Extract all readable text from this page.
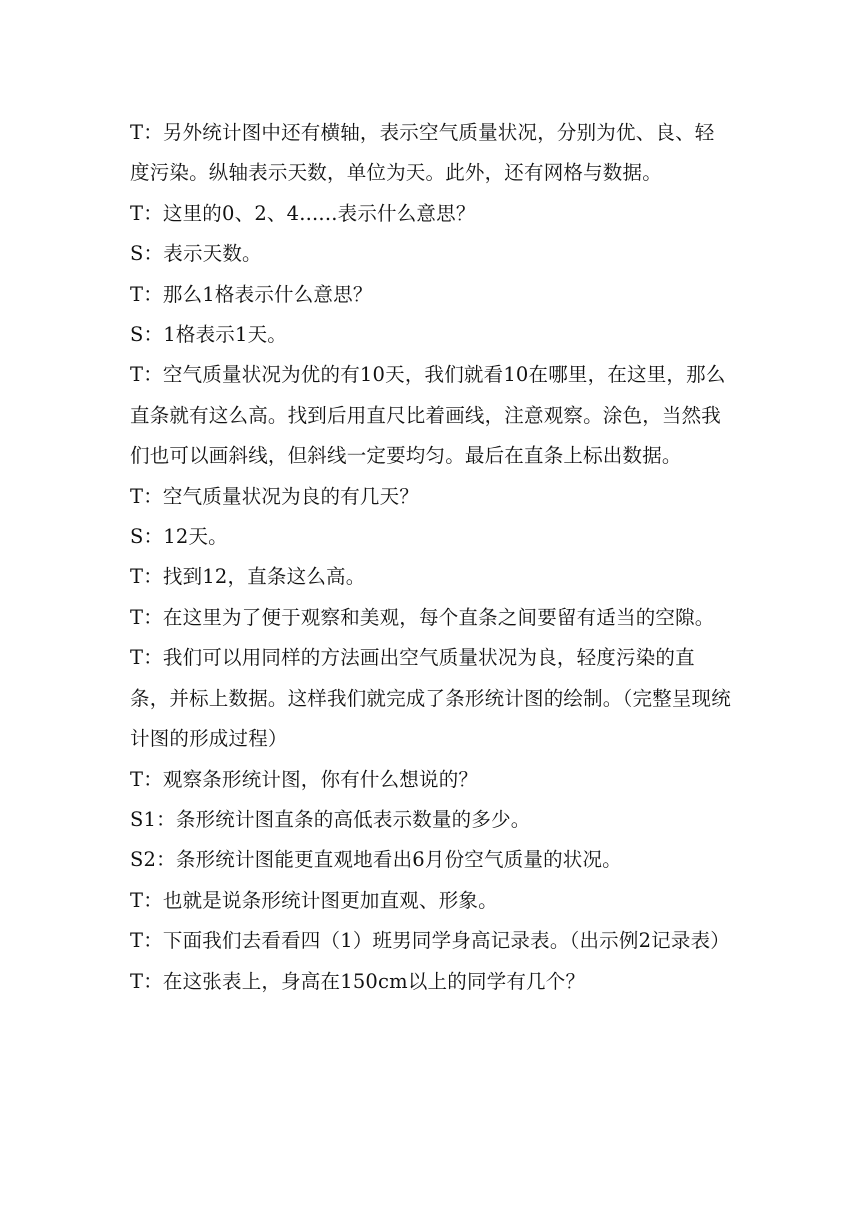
T：另外统计图中还有横轴，表示空气质量状况，分别为优、良、轻度污染。纵轴表示天数，单位为天。此外，还有网格与数据。

T：这里的0、2、4......表示什么意思？

S：表示天数。

T：那么1格表示什么意思？

S：1格表示1天。

T：空气质量状况为优的有10天，我们就看10在哪里，在这里，那么直条就有这么高。找到后用直尺比着画线，注意观察。涂色，当然我们也可以画斜线，但斜线一定要均匀。最后在直条上标出数据。

T：空气质量状况为良的有几天？

S：12天。

T：找到12，直条这么高。

T：在这里为了便于观察和美观，每个直条之间要留有适当的空隙。

T：我们可以用同样的方法画出空气质量状况为良，轻度污染的直条，并标上数据。这样我们就完成了条形统计图的绘制。（完整呈现统计图的形成过程）

T：观察条形统计图，你有什么想说的？

S1：条形统计图直条的高低表示数量的多少。

S2：条形统计图能更直观地看出6月份空气质量的状况。

T：也就是说条形统计图更加直观、形象。

T：下面我们去看看四（1）班男同学身高记录表。（出示例2记录表）

T：在这张表上，身高在150cm以上的同学有几个？
